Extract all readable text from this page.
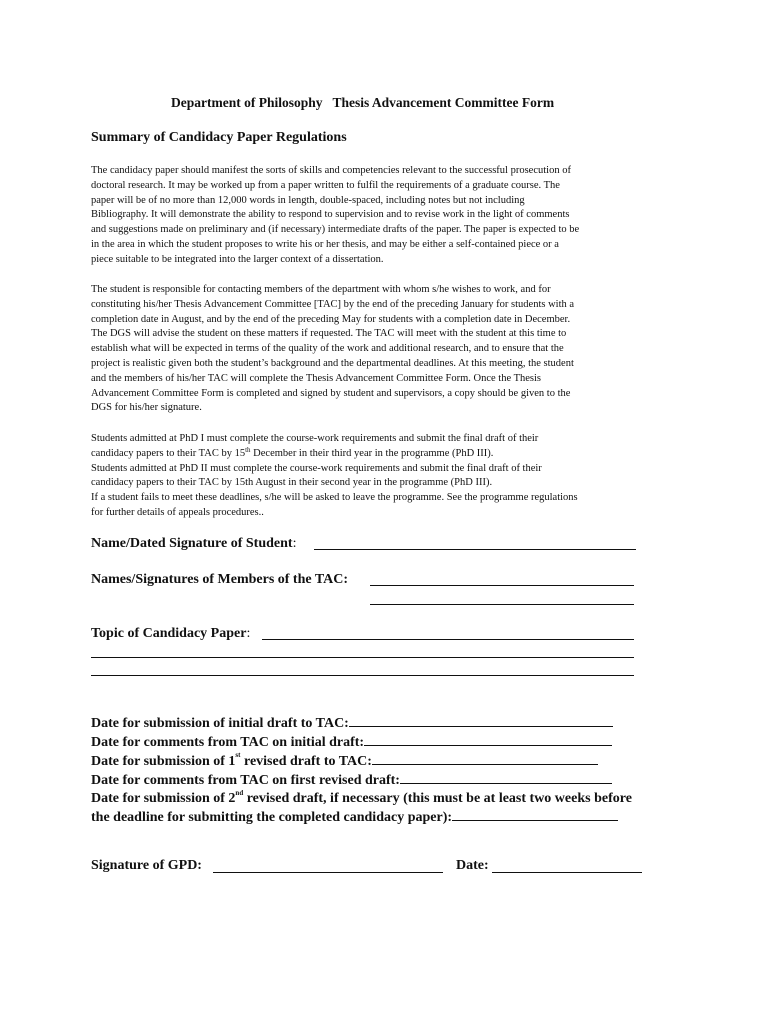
Department of Philosophy Thesis Advancement Committee Form
Summary of Candidacy Paper Regulations
The candidacy paper should manifest the sorts of skills and competencies relevant to the successful prosecution of
doctoral research. It may be worked up from a paper written to fulfil the requirements of a graduate course. The
paper will be of no more than 12,000 words in length, double-spaced, including notes but not including
Bibliography. It will demonstrate the ability to respond to supervision and to revise work in the light of comments
and suggestions made on preliminary and (if necessary) intermediate drafts of the paper. The paper is expected to be
in the area in which the student proposes to write his or her thesis, and may be either a self-contained piece or a
piece suitable to be integrated into the larger context of a dissertation.
The student is responsible for contacting members of the department with whom s/he wishes to work, and for
constituting his/her Thesis Advancement Committee [TAC] by the end of the preceding January for students with a
completion date in August, and by the end of the preceding May for students with a completion date in December.
The DGS will advise the student on these matters if requested. The TAC will meet with the student at this time to
establish what will be expected in terms of the quality of the work and additional research, and to ensure that the
project is realistic given both the student’s background and the departmental deadlines. At this meeting, the student
and the members of his/her TAC will complete the Thesis Advancement Committee Form. Once the Thesis
Advancement Committee Form is completed and signed by student and supervisors, a copy should be given to the
DGS for his/her signature.
Students admitted at PhD I must complete the course-work requirements and submit the final draft of their
candidacy papers to their TAC by 15th December in their third year in the programme (PhD III).
Students admitted at PhD II must complete the course-work requirements and submit the final draft of their
candidacy papers to their TAC by 15th August in their second year in the programme (PhD III).
If a student fails to meet these deadlines, s/he will be asked to leave the programme. See the programme regulations
for further details of appeals procedures..
Name/Dated Signature of Student:
Names/Signatures of Members of the TAC:
Topic of Candidacy Paper:
Date for submission of initial draft to TAC:
Date for comments from TAC on initial draft:
Date for submission of 1st revised draft to TAC:
Date for comments from TAC on first revised draft:
Date for submission of 2nd revised draft, if necessary (this must be at least two weeks before
the deadline for submitting the completed candidacy paper):
Signature of GPD:	Date:
